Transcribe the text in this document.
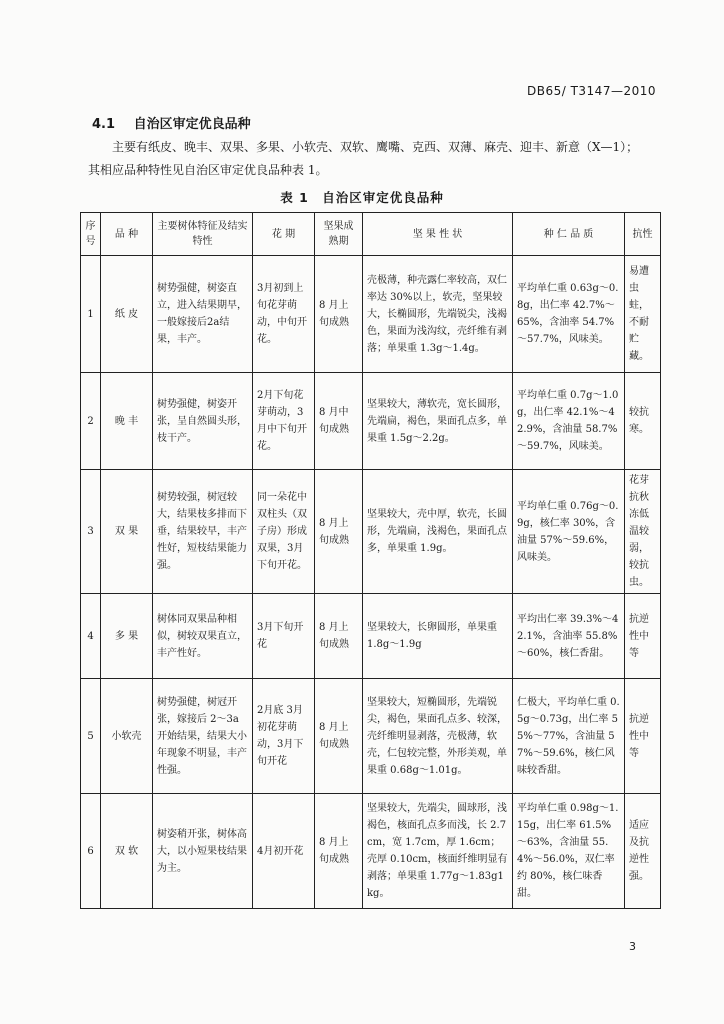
DB65/ T3147—2010
4.1 自治区审定优良品种
主要有纸皮、晚丰、双果、多果、小软壳、双软、鹰嘴、克西、双薄、麻壳、迎丰、新意（X—1）；其相应品种特性见自治区审定优良品种表 1。
表 1　自治区审定优良品种
序号	品 种	主要树体特征及结实特性	花 期	坚果成熟期	坚 果 性 状	种 仁 品 质	抗性
1	纸 皮	树势强健，树姿直立，进入结果期早，一般嫁接后2a结果，丰产。	3月初到上旬花芽萌动，中旬开花。	8 月上旬成熟	壳极薄，种壳露仁率较高，双仁率达 30%以上，软壳，坚果较大，长椭圆形，先端锐尖，浅褐色，果面为浅沟纹，壳纤维有剥落；单果重 1.3g～1.4g。	平均单仁重 0.63g～0.8g，出仁率 42.7%～65%，含油率 54.7%～57.7%，风味美。	易遭虫蛀，不耐贮藏。
2	晚 丰	树势强健，树姿开张，呈自然圆头形，枝干产。	2月下旬花芽萌动，3月中下旬开花。	8 月中旬成熟	坚果较大，薄软壳，宽长圆形，先端扁，褐色，果面孔点多，单果重 1.5g～2.2g。	平均单仁重 0.7g～1.0g，出仁率 42.1%～42.9%，含油量 58.7%～59.7%，风味美。	较抗寒。
3	双 果	树势较强，树冠较大，结果枝多排而下垂，结果较早，丰产性好，短枝结果能力强。	同一朵花中双柱头（双子房）形成双果，3月下旬开花。	8 月上旬成熟	坚果较大，壳中厚，软壳，长圆形，先端扁，浅褐色，果面孔点多，单果重 1.9g。	平均单仁重 0.76g～0.9g，核仁率 30%，含油量 57%～59.6%，风味美。	花芽抗秋冻低温较弱，较抗虫。
4	多 果	树体同双果品种相似，树较双果直立，丰产性好。	3月下旬开花	8 月上旬成熟	坚果较大，长卵圆形，单果重 1.8g～1.9g	平均出仁率 39.3%～42.1%，含油率 55.8%～60%，核仁香甜。	抗逆性中等
5	小软壳	树势强健，树冠开张，嫁接后 2～3a 开始结果，结果大小年现象不明显，丰产性强。	2月底 3月初花芽萌动，3月下旬开花	8 月上旬成熟	坚果较大，短椭圆形，先端锐尖，褐色，果面孔点多、较深，壳纤维明显剥落，壳极薄，软壳，仁包较完整，外形美观，单果重 0.68g～1.01g。	仁极大，平均单仁重 0.5g～0.73g，出仁率 55%～77%，含油量 57%～59.6%，核仁风味较香甜。	抗逆性中等
6	双 软	树姿稍开张，树体高大，以小短果枝结果为主。	4月初开花	8 月上旬成熟	坚果较大，先端尖，圆球形，浅褐色，核面孔点多而浅，长 2.7cm，宽 1.7cm，厚 1.6cm；壳厚 0.10cm，核面纤维明显有剥落；单果重 1.77g～1.83g1kg。	平均单仁重 0.98g～1.15g，出仁率 61.5%～63%，含油量 55.4%～56.0%，双仁率约 80%，核仁味香甜。	适应及抗逆性强。
3
